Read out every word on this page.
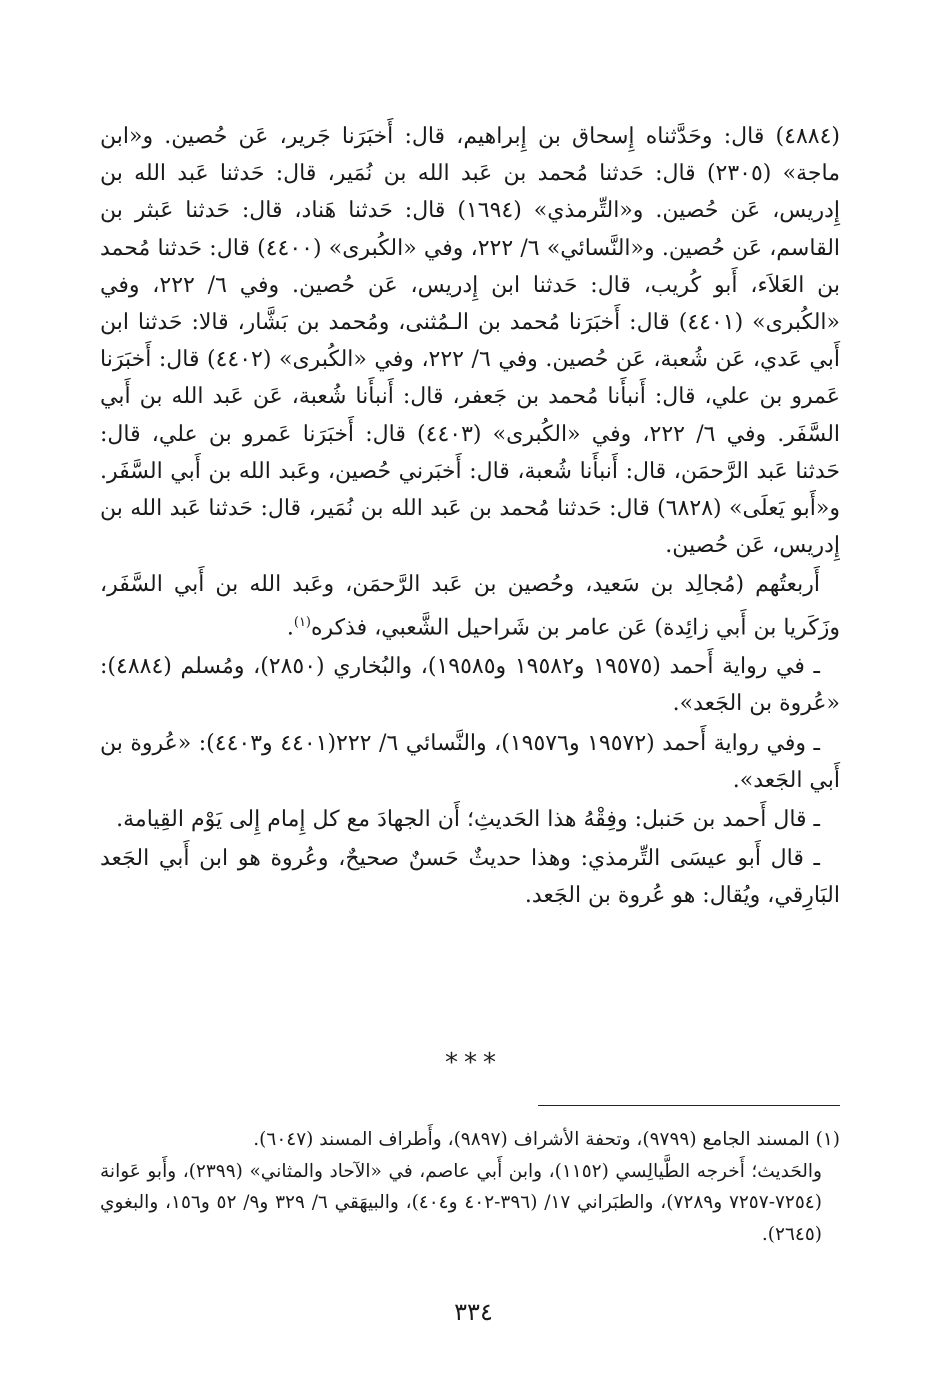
(٤٨٨٤) قال: وحَدَّثناه إِسحاق بن إِبراهيم، قال: أَخبَرَنا جَرير، عَن حُصين. و«ابن ماجة» (٢٣٠٥) قال: حَدثنا مُحمد بن عَبد الله بن نُمَير، قال: حَدثنا عَبد الله بن إِدريس، عَن حُصين. و«التِّرمذي» (١٦٩٤) قال: حَدثنا هَناد، قال: حَدثنا عَبثر بن القاسم، عَن حُصين. و«النَّسائي» ٦/ ٢٢٢، وفي «الكُبرى» (٤٤٠٠) قال: حَدثنا مُحمد بن العَلاَء، أَبو كُريب، قال: حَدثنا ابن إِدريس، عَن حُصين. وفي ٦/ ٢٢٢، وفي «الكُبرى» (٤٤٠١) قال: أَخبَرَنا مُحمد بن الـمُثنى، ومُحمد بن بَشَّار، قالا: حَدثنا ابن أَبي عَدي، عَن شُعبة، عَن حُصين. وفي ٦/ ٢٢٢، وفي «الكُبرى» (٤٤٠٢) قال: أَخبَرَنا عَمرو بن علي، قال: أَنبأَنا مُحمد بن جَعفر، قال: أَنبأَنا شُعبة، عَن عَبد الله بن أَبي السَّفَر. وفي ٦/ ٢٢٢، وفي «الكُبرى» (٤٤٠٣) قال: أَخبَرَنا عَمرو بن علي، قال: حَدثنا عَبد الرَّحمَن، قال: أَنبأَنا شُعبة، قال: أَخبَرني حُصين، وعَبد الله بن أَبي السَّفَر. و«أَبو يَعلَى» (٦٨٢٨) قال: حَدثنا مُحمد بن عَبد الله بن نُمَير، قال: حَدثنا عَبد الله بن إِدريس، عَن حُصين.

أَربعتُهم (مُجالِد بن سَعيد، وحُصين بن عَبد الرَّحمَن، وعَبد الله بن أَبي السَّفَر، وزَكَريا بن أَبي زائِدة) عَن عامر بن شَراحيل الشَّعبي، فذكره$^{(١)}$.

ـ في رواية أَحمد (١٩٥٧٥ و١٩٥٨٢ و١٩٥٨٥)، والبُخاري (٢٨٥٠)، ومُسلم (٤٨٨٤): «عُروة بن الجَعد».

ـ وفي رواية أَحمد (١٩٥٧٢ و١٩٥٧٦)، والنَّسائي ٦/ ٢٢٢(٤٤٠١ و٤٤٠٣): «عُروة بن أَبي الجَعد».

ـ قال أَحمد بن حَنبل: وفِقْهُ هذا الحَديثِ؛ أَن الجهادَ مع كل إِمام إِلى يَوْم القِيامة.

ـ قال أَبو عيسَى التِّرمذي: وهذا حديثٌ حَسنٌ صحيحٌ، وعُروة هو ابن أَبي الجَعد البَارِقي، ويُقال: هو عُروة بن الجَعد.

***

(١) المسند الجامع (٩٧٩٩)، وتحفة الأشراف (٩٨٩٧)، وأَطراف المسند (٦٠٤٧).

والحَديث؛ أَخرجه الطَّيالِسي (١١٥٢)، وابن أَبي عاصم، في «الآحاد والمثاني» (٢٣٩٩)، وأَبو عَوانة (٧٢٥٤-٧٢٥٧ و٧٢٨٩)، والطبَراني ١٧/ (٣٩٦-٤٠٢ و٤٠٤)، والبيهَقي ٦/ ٣٢٩ و٩/ ٥٢ و١٥٦، والبغوي (٢٦٤٥).

٣٣٤
